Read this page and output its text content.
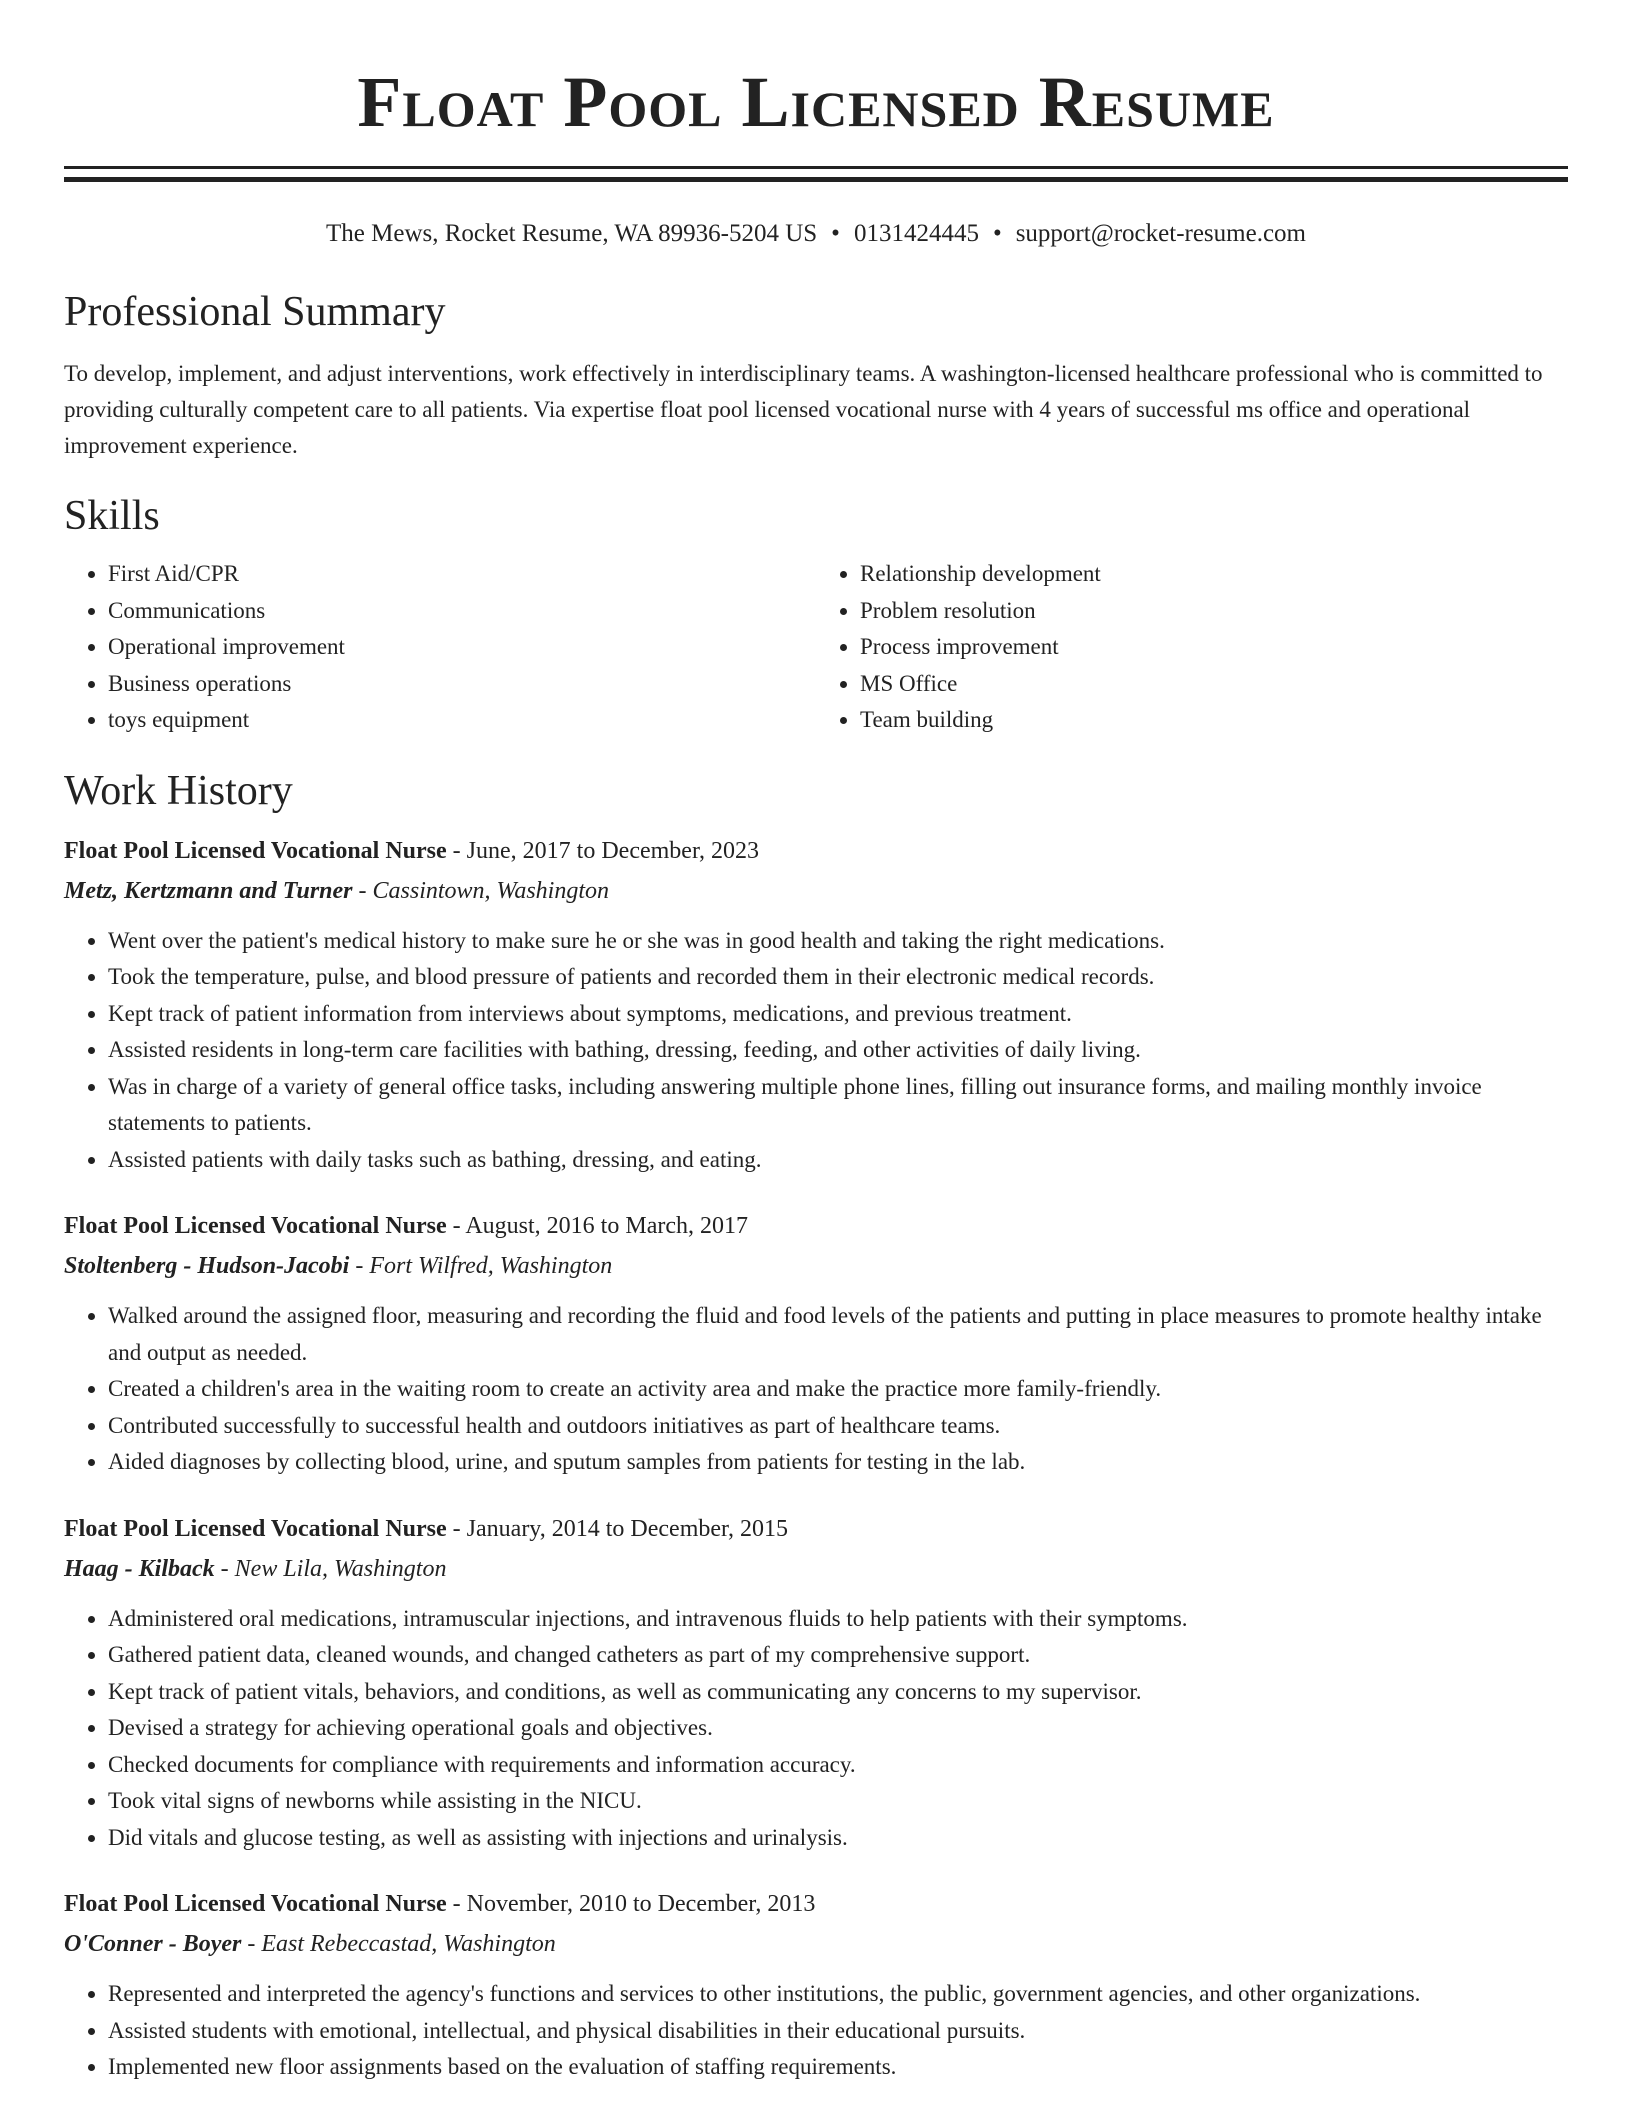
Float Pool Licensed Resume
The Mews, Rocket Resume, WA 89936-5204 US • 0131424445 • support@rocket-resume.com
Professional Summary

To develop, implement, and adjust interventions, work effectively in interdisciplinary teams. A washington-licensed healthcare professional who is committed to providing culturally competent care to all patients. Via expertise float pool licensed vocational nurse with 4 years of successful ms office and operational improvement experience.

Skills
• First Aid/CPR
• Communications
• Operational improvement
• Business operations
• toys equipment
• Relationship development
• Problem resolution
• Process improvement
• MS Office
• Team building
Work History
Float Pool Licensed Vocational Nurse - June, 2017 to December, 2023
Metz, Kertzmann and Turner - Cassintown, Washington
• Went over the patient's medical history to make sure he or she was in good health and taking the right medications.
• Took the temperature, pulse, and blood pressure of patients and recorded them in their electronic medical records.
• Kept track of patient information from interviews about symptoms, medications, and previous treatment.
• Assisted residents in long-term care facilities with bathing, dressing, feeding, and other activities of daily living.
• Was in charge of a variety of general office tasks, including answering multiple phone lines, filling out insurance forms, and mailing monthly invoice statements to patients.
• Assisted patients with daily tasks such as bathing, dressing, and eating.
Float Pool Licensed Vocational Nurse - August, 2016 to March, 2017
Stoltenberg - Hudson-Jacobi - Fort Wilfred, Washington
• Walked around the assigned floor, measuring and recording the fluid and food levels of the patients and putting in place measures to promote healthy intake and output as needed.
• Created a children's area in the waiting room to create an activity area and make the practice more family-friendly.
• Contributed successfully to successful health and outdoors initiatives as part of healthcare teams.
• Aided diagnoses by collecting blood, urine, and sputum samples from patients for testing in the lab.
Float Pool Licensed Vocational Nurse - January, 2014 to December, 2015
Haag - Kilback - New Lila, Washington
• Administered oral medications, intramuscular injections, and intravenous fluids to help patients with their symptoms.
• Gathered patient data, cleaned wounds, and changed catheters as part of my comprehensive support.
• Kept track of patient vitals, behaviors, and conditions, as well as communicating any concerns to my supervisor.
• Devised a strategy for achieving operational goals and objectives.
• Checked documents for compliance with requirements and information accuracy.
• Took vital signs of newborns while assisting in the NICU.
• Did vitals and glucose testing, as well as assisting with injections and urinalysis.
Float Pool Licensed Vocational Nurse - November, 2010 to December, 2013
O'Conner - Boyer - East Rebeccastad, Washington
• Represented and interpreted the agency's functions and services to other institutions, the public, government agencies, and other organizations.
• Assisted students with emotional, intellectual, and physical disabilities in their educational pursuits.
• Implemented new floor assignments based on the evaluation of staffing requirements.
